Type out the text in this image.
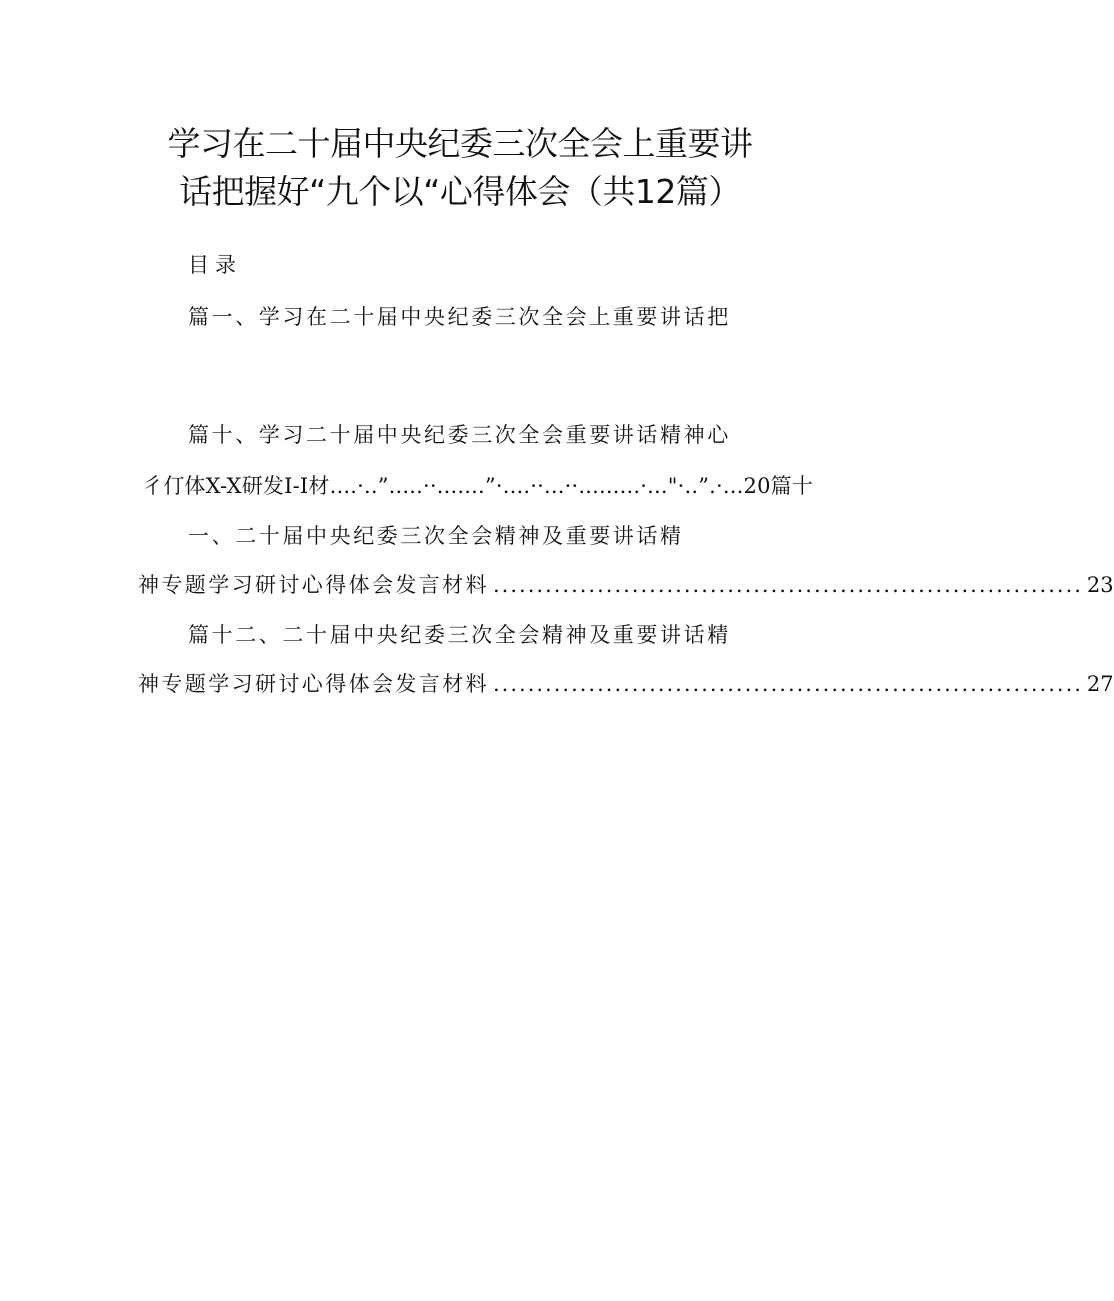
学习在二十届中央纪委三次全会上重要讲
话把握好“九个以“心得体会（共12篇）
目录
篇一、学习在二十届中央纪委三次全会上重要讲话把
篇十、学习二十届中央纪委三次全会重要讲话精神心
彳仃体X-X研发I-I材....·..”.....··.......”·....··...··.........·..."·..”.·...20篇十
一、二十届中央纪委三次全会精神及重要讲话精
神专题学习研讨心得体会发言材料 .................................................................... 23
篇十二、二十届中央纪委三次全会精神及重要讲话精
神专题学习研讨心得体会发言材料 .................................................................... 27
